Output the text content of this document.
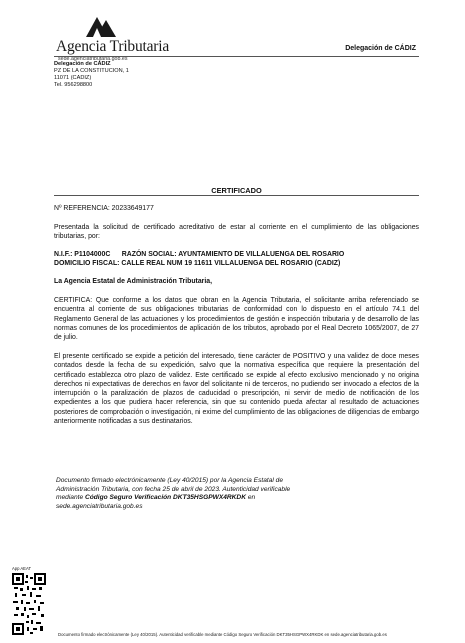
Agencia Tributaria
sede.agenciatributaria.gob.es
Delegación de CÁDIZ
Delegación de CÁDIZ
PZ DE LA CONSTITUCION, 1
11071 (CADIZ)
Tel. 956298800
CERTIFICADO
Nº REFERENCIA: 20233649177
Presentada la solicitud de certificado acreditativo de estar al corriente en el cumplimiento de las obligaciones tributarias, por:
N.I.F.: P1104000C      RAZÓN SOCIAL: AYUNTAMIENTO DE VILLALUENGA DEL ROSARIO
DOMICILIO FISCAL: CALLE REAL NUM 19 11611 VILLALUENGA DEL ROSARIO (CADIZ)
La Agencia Estatal de Administración Tributaria,
CERTIFICA: Que conforme a los datos que obran en la Agencia Tributaria, el solicitante arriba referenciado se encuentra al corriente de sus obligaciones tributarias de conformidad con lo dispuesto en el artículo 74.1 del Reglamento General de las actuaciones y los procedimientos de gestión e inspección tributaria y de desarrollo de las normas comunes de los procedimientos de aplicación de los tributos, aprobado por el Real Decreto 1065/2007, de 27 de julio.
El presente certificado se expide a petición del interesado, tiene carácter de POSITIVO y una validez de doce meses contados desde la fecha de su expedición, salvo que la normativa específica que requiere la presentación del certificado establezca otro plazo de validez. Este certificado se expide al efecto exclusivo mencionado y no origina derechos ni expectativas de derechos en favor del solicitante ni de terceros, no pudiendo ser invocado a efectos de la interrupción o la paralización de plazos de caducidad o prescripción, ni servir de medio de notificación de los expedientes a los que pudiera hacer referencia, sin que su contenido pueda afectar al resultado de actuaciones posteriores de comprobación o investigación, ni exime del cumplimiento de las obligaciones de diligencias de embargo anteriormente notificadas a sus destinatarios.
Documento firmado electrónicamente (Ley 40/2015) por la Agencia Estatal de Administración Tributaria, con fecha 25 de abril de 2023. Autenticidad verificable mediante Código Seguro Verificación DKT35HSGPWX4RKDK en sede.agenciatributaria.gob.es
App AEAT
Documento firmado electrónicamente (Ley 40/2015). Autenticidad verificable mediante Código Seguro Verificación DKT35HSGPWX4RKDK en sede.agenciatributaria.gob.es
